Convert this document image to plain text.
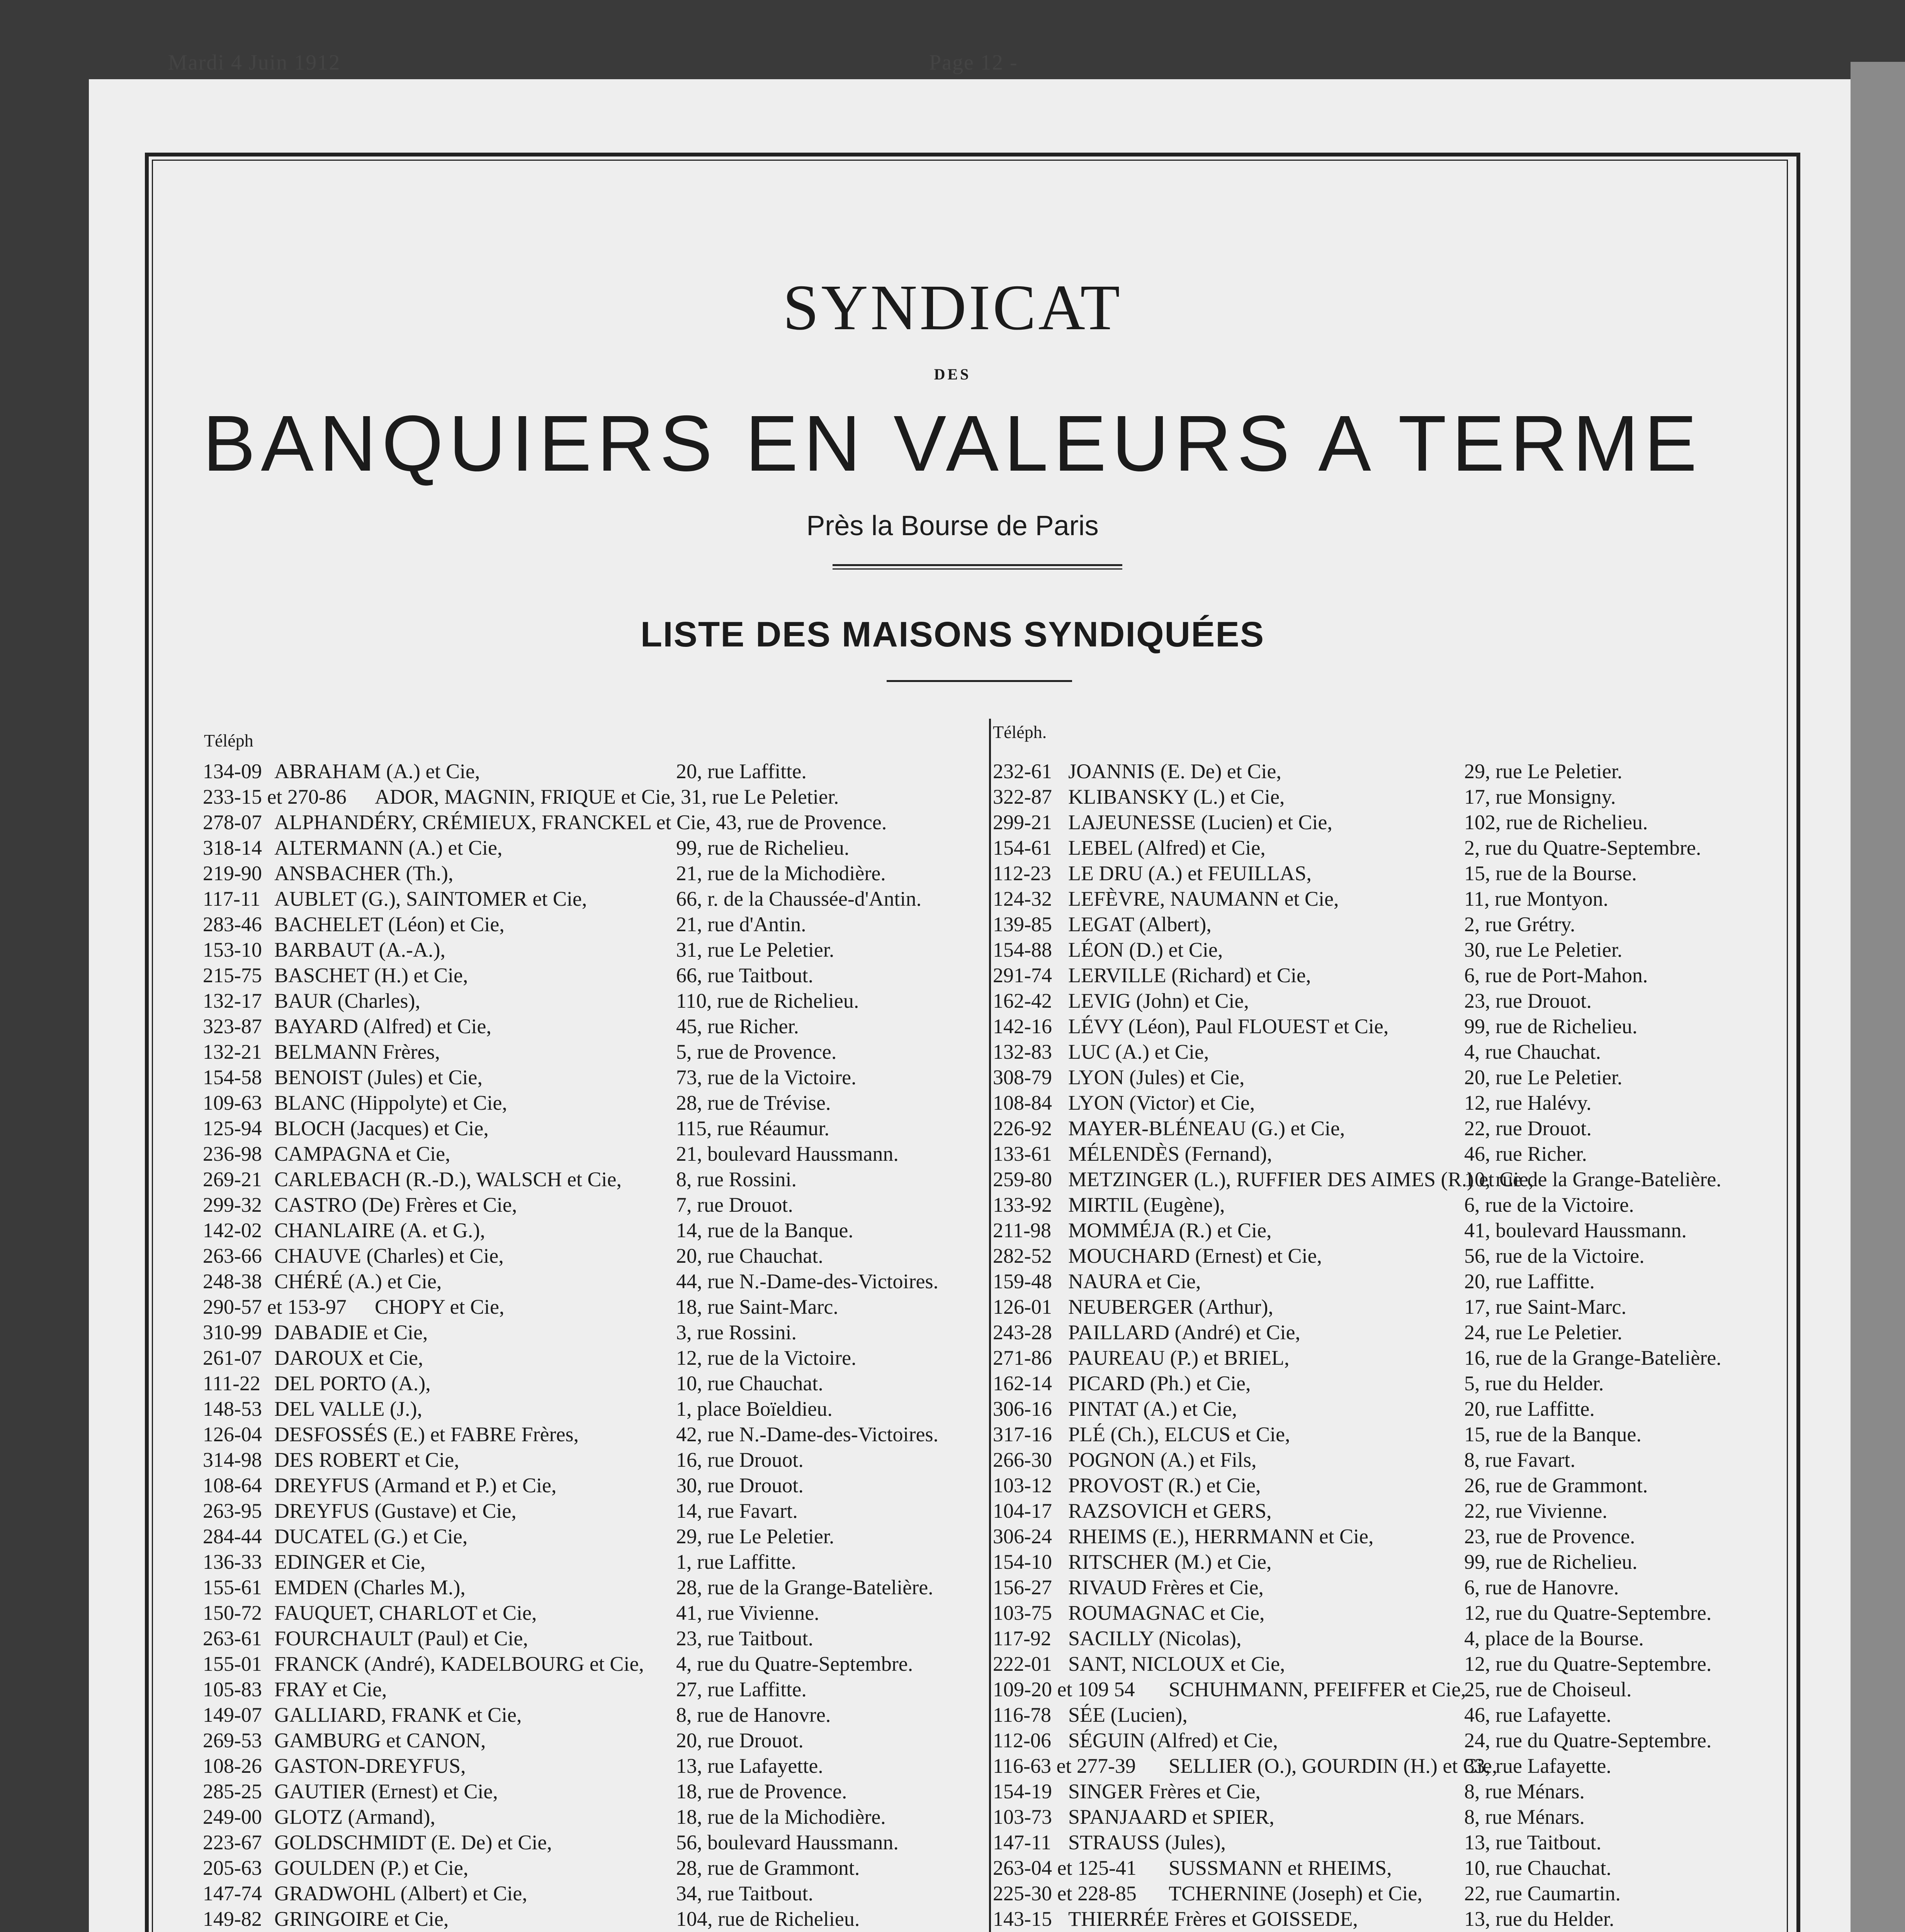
Mardi 4 Juin 1912	Page 12 -
SYNDICAT
DES
BANQUIERS EN VALEURS A TERME
Près la Bourse de Paris
LISTE DES MAISONS SYNDIQUÉES
Téléph	Téléph.
134-09 ABRAHAM (A.) et Cie,	20, rue Laffitte.
233-15 et 270-86 ADOR, MAGNIN, FRIQUE et Cie, 31, rue Le Peletier.
278-07 ALPHANDÉRY, CRÉMIEUX, FRANCKEL et Cie, 43, rue de Provence.
318-14 ALTERMANN (A.) et Cie,	99, rue de Richelieu.
219-90 ANSBACHER (Th.),	21, rue de la Michodière.
117-11 AUBLET (G.), SAINTOMER et Cie,	66, r. de la Chaussée-d'Antin.
283-46 BACHELET (Léon) et Cie,	21, rue d'Antin.
153-10 BARBAUT (A.-A.),	31, rue Le Peletier.
215-75 BASCHET (H.) et Cie,	66, rue Taitbout.
132-17 BAUR (Charles),	110, rue de Richelieu.
323-87 BAYARD (Alfred) et Cie,	45, rue Richer.
132-21 BELMANN Frères,	5, rue de Provence.
154-58 BENOIST (Jules) et Cie,	73, rue de la Victoire.
109-63 BLANC (Hippolyte) et Cie,	28, rue de Trévise.
125-94 BLOCH (Jacques) et Cie,	115, rue Réaumur.
236-98 CAMPAGNA et Cie,	21, boulevard Haussmann.
269-21 CARLEBACH (R.-D.), WALSCH et Cie,	8, rue Rossini.
299-32 CASTRO (De) Frères et Cie,	7, rue Drouot.
142-02 CHANLAIRE (A. et G.),	14, rue de la Banque.
263-66 CHAUVE (Charles) et Cie,	20, rue Chauchat.
248-38 CHÉRÉ (A.) et Cie,	44, rue N.-Dame-des-Victoires.
290-57 et 153-97 CHOPY et Cie,	18, rue Saint-Marc.
310-99 DABADIE et Cie,	3, rue Rossini.
261-07 DAROUX et Cie,	12, rue de la Victoire.
111-22 DEL PORTO (A.),	10, rue Chauchat.
148-53 DEL VALLE (J.),	1, place Boïeldieu.
126-04 DESFOSSÉS (E.) et FABRE Frères,	42, rue N.-Dame-des-Victoires.
314-98 DES ROBERT et Cie,	16, rue Drouot.
108-64 DREYFUS (Armand et P.) et Cie,	30, rue Drouot.
263-95 DREYFUS (Gustave) et Cie,	14, rue Favart.
284-44 DUCATEL (G.) et Cie,	29, rue Le Peletier.
136-33 EDINGER et Cie,	1, rue Laffitte.
155-61 EMDEN (Charles M.),	28, rue de la Grange-Batelière.
150-72 FAUQUET, CHARLOT et Cie,	41, rue Vivienne.
263-61 FOURCHAULT (Paul) et Cie,	23, rue Taitbout.
155-01 FRANCK (André), KADELBOURG et Cie, 4, rue du Quatre-Septembre.
105-83 FRAY et Cie,	27, rue Laffitte.
149-07 GALLIARD, FRANK et Cie,	8, rue de Hanovre.
269-53 GAMBURG et CANON,	20, rue Drouot.
108-26 GASTON-DREYFUS,	13, rue Lafayette.
285-25 GAUTIER (Ernest) et Cie,	18, rue de Provence.
249-00 GLOTZ (Armand),	18, rue de la Michodière.
223-67 GOLDSCHMIDT (E. De) et Cie,	56, boulevard Haussmann.
205-63 GOULDEN (P.) et Cie,	28, rue de Grammont.
147-74 GRADWOHL (Albert) et Cie,	34, rue Taitbout.
149-82 GRINGOIRE et Cie,	104, rue de Richelieu.
232-61 JOANNIS (E. De) et Cie,	29, rue Le Peletier.
322-87 KLIBANSKY (L.) et Cie,	17, rue Monsigny.
299-21 LAJEUNESSE (Lucien) et Cie,	102, rue de Richelieu.
154-61 LEBEL (Alfred) et Cie,	2, rue du Quatre-Septembre.
112-23 LE DRU (A.) et FEUILLAS,	15, rue de la Bourse.
124-32 LEFÈVRE, NAUMANN et Cie,	11, rue Montyon.
139-85 LEGAT (Albert),	2, rue Grétry.
154-88 LÉON (D.) et Cie,	30, rue Le Peletier.
291-74 LERVILLE (Richard) et Cie,	6, rue de Port-Mahon.
162-42 LEVIG (John) et Cie,	23, rue Drouot.
142-16 LÉVY (Léon), Paul FLOUEST et Cie,	99, rue de Richelieu.
132-83 LUC (A.) et Cie,	4, rue Chauchat.
308-79 LYON (Jules) et Cie,	20, rue Le Peletier.
108-84 LYON (Victor) et Cie,	12, rue Halévy.
226-92 MAYER-BLÉNEAU (G.) et Cie,	22, rue Drouot.
133-61 MÉLENDÈS (Fernand),	46, rue Richer.
259-80 METZINGER (L.), RUFFIER DES AIMES (R.) et Cie,
10, rue de la Grange-Batelière.
133-92 MIRTIL (Eugène),	6, rue de la Victoire.
211-98 MOMMÉJA (R.) et Cie,	41, boulevard Haussmann.
282-52 MOUCHARD (Ernest) et Cie,	56, rue de la Victoire.
159-48 NAURA et Cie,	20, rue Laffitte.
126-01 NEUBERGER (Arthur),	17, rue Saint-Marc.
243-28 PAILLARD (André) et Cie,	24, rue Le Peletier.
271-86 PAUREAU (P.) et BRIEL,	16, rue de la Grange-Batelière.
162-14 PICARD (Ph.) et Cie,	5, rue du Helder.
306-16 PINTAT (A.) et Cie,	20, rue Laffitte.
317-16 PLÉ (Ch.), ELCUS et Cie,	15, rue de la Banque.
266-30 POGNON (A.) et Fils,	8, rue Favart.
103-12 PROVOST (R.) et Cie,	26, rue de Grammont.
104-17 RAZSOVICH et GERS,	22, rue Vivienne.
306-24 RHEIMS (E.), HERRMANN et Cie,	23, rue de Provence.
154-10 RITSCHER (M.) et Cie,	99, rue de Richelieu.
156-27 RIVAUD Frères et Cie,	6, rue de Hanovre.
103-75 ROUMAGNAC et Cie,	12, rue du Quatre-Septembre.
117-92 SACILLY (Nicolas),	4, place de la Bourse.
222-01 SANT, NICLOUX et Cie,	12, rue du Quatre-Septembre.
109-20 et 109 54 SCHUHMANN, PFEIFFER et Cie,
25, rue de Choiseul.
116-78 SÉE (Lucien),	46, rue Lafayette.
112-06 SÉGUIN (Alfred) et Cie,	24, rue du Quatre-Septembre.
116-63 et 277-39 SELLIER (O.), GOURDIN (H.) et Cie,
33, rue Lafayette.
154-19 SINGER Frères et Cie,	8, rue Ménars.
103-73 SPANJAARD et SPIER,	8, rue Ménars.
147-11 STRAUSS (Jules),	13, rue Taitbout.
263-04 et 125-41 SUSSMANN et RHEIMS,	10, rue Chauchat.
225-30 et 228-85 TCHERNINE (Joseph) et Cie, 22, rue Caumartin.
143-15 THIERRÉE Frères et GOISSEDE,	13, rue du Helder.
